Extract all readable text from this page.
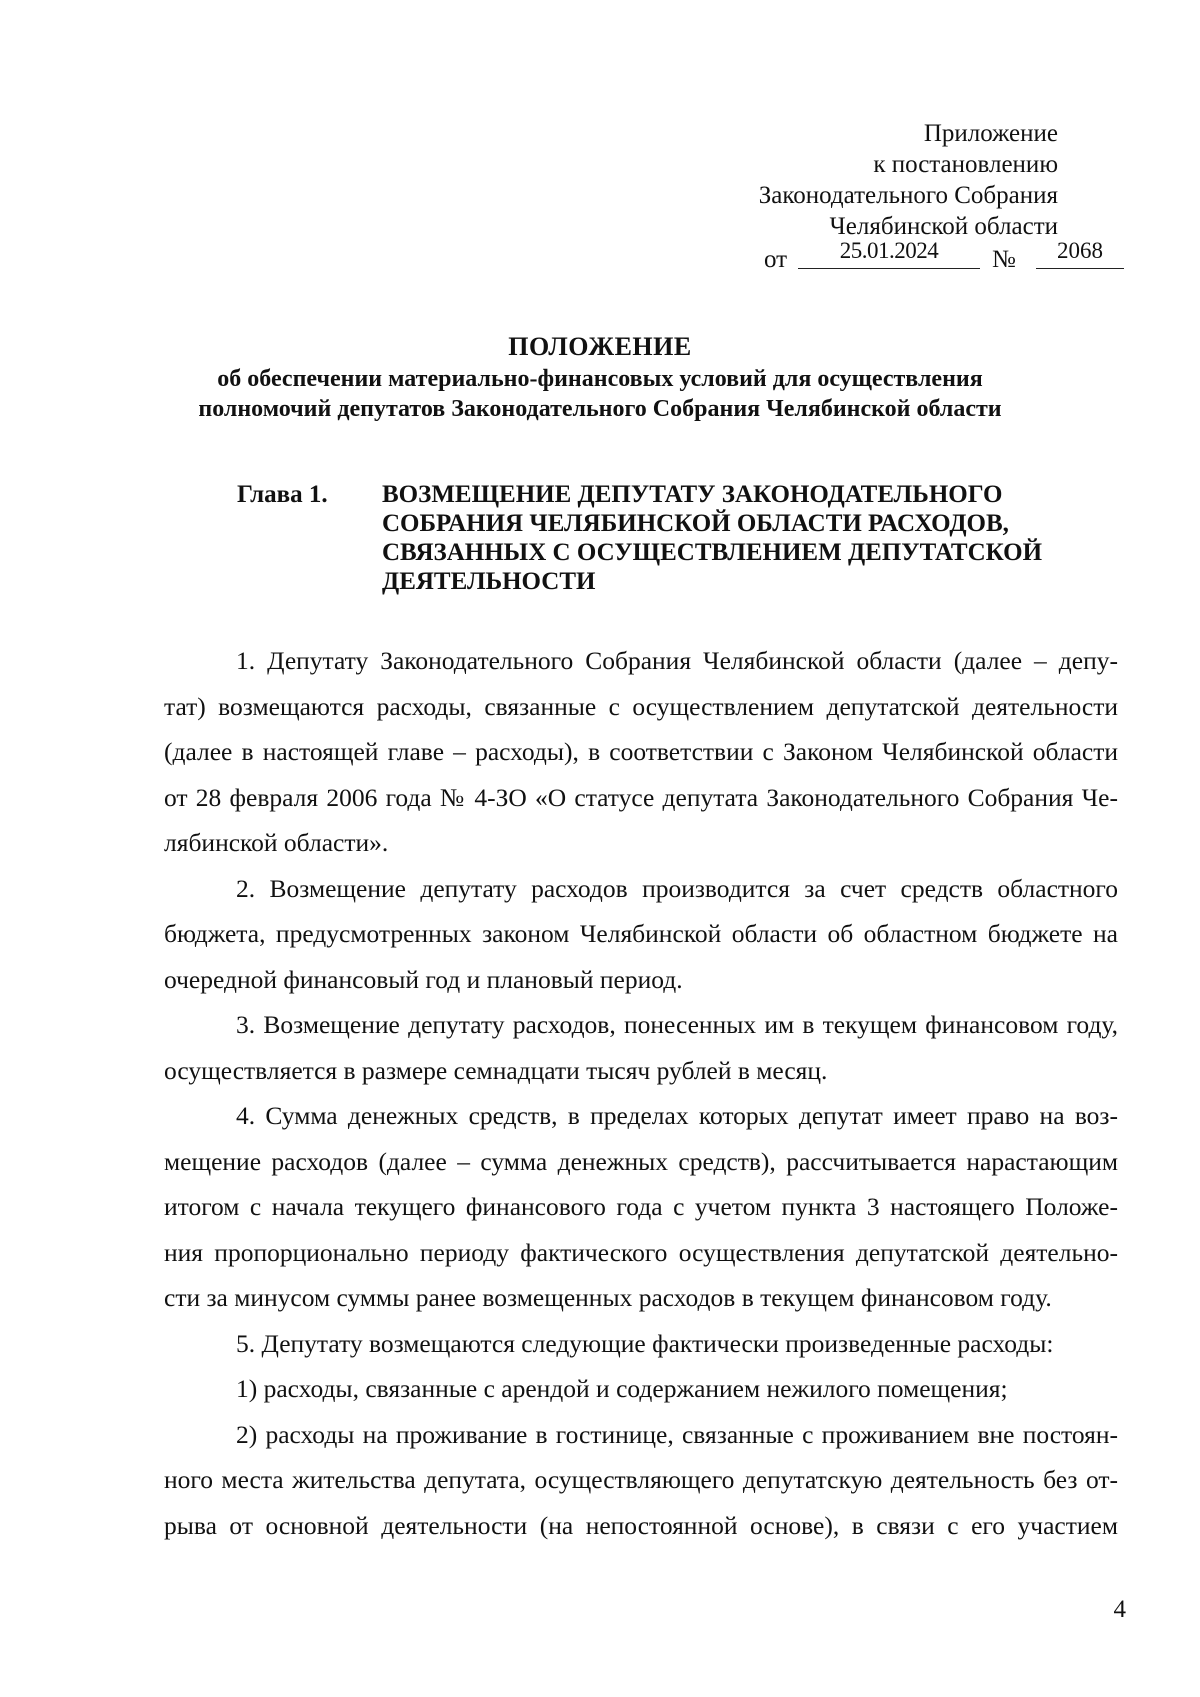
Приложение
к постановлению
Законодательного Собрания
Челябинской области
от	25.01.2024	№	2068
ПОЛОЖЕНИЕ
об обеспечении материально-финансовых условий для осуществления
полномочий депутатов Законодательного Собрания Челябинской области
Глава 1.	ВОЗМЕЩЕНИЕ ДЕПУТАТУ ЗАКОНОДАТЕЛЬНОГО
СОБРАНИЯ ЧЕЛЯБИНСКОЙ ОБЛАСТИ РАСХОДОВ,
СВЯЗАННЫХ С ОСУЩЕСТВЛЕНИЕМ ДЕПУТАТСКОЙ
ДЕЯТЕЛЬНОСТИ
1. Депутату Законодательного Собрания Челябинской области (далее – депу-
тат) возмещаются расходы, связанные с осуществлением депутатской деятельности
(далее в настоящей главе – расходы), в соответствии с Законом Челябинской области
от 28 февраля 2006 года № 4-ЗО «О статусе депутата Законодательного Собрания Че-
лябинской области».
2. Возмещение депутату расходов производится за счет средств областного
бюджета, предусмотренных законом Челябинской области об областном бюджете на
очередной финансовый год и плановый период.
3. Возмещение депутату расходов, понесенных им в текущем финансовом году,
осуществляется в размере семнадцати тысяч рублей в месяц.
4. Сумма денежных средств, в пределах которых депутат имеет право на воз-
мещение расходов (далее – сумма денежных средств), рассчитывается нарастающим
итогом с начала текущего финансового года с учетом пункта 3 настоящего Положе-
ния пропорционально периоду фактического осуществления депутатской деятельно-
сти за минусом суммы ранее возмещенных расходов в текущем финансовом году.
5. Депутату возмещаются следующие фактически произведенные расходы:
1) расходы, связанные с арендой и содержанием нежилого помещения;
2) расходы на проживание в гостинице, связанные с проживанием вне постоян-
ного места жительства депутата, осуществляющего депутатскую деятельность без от-
рыва от основной деятельности (на непостоянной основе), в связи с его участием
4
